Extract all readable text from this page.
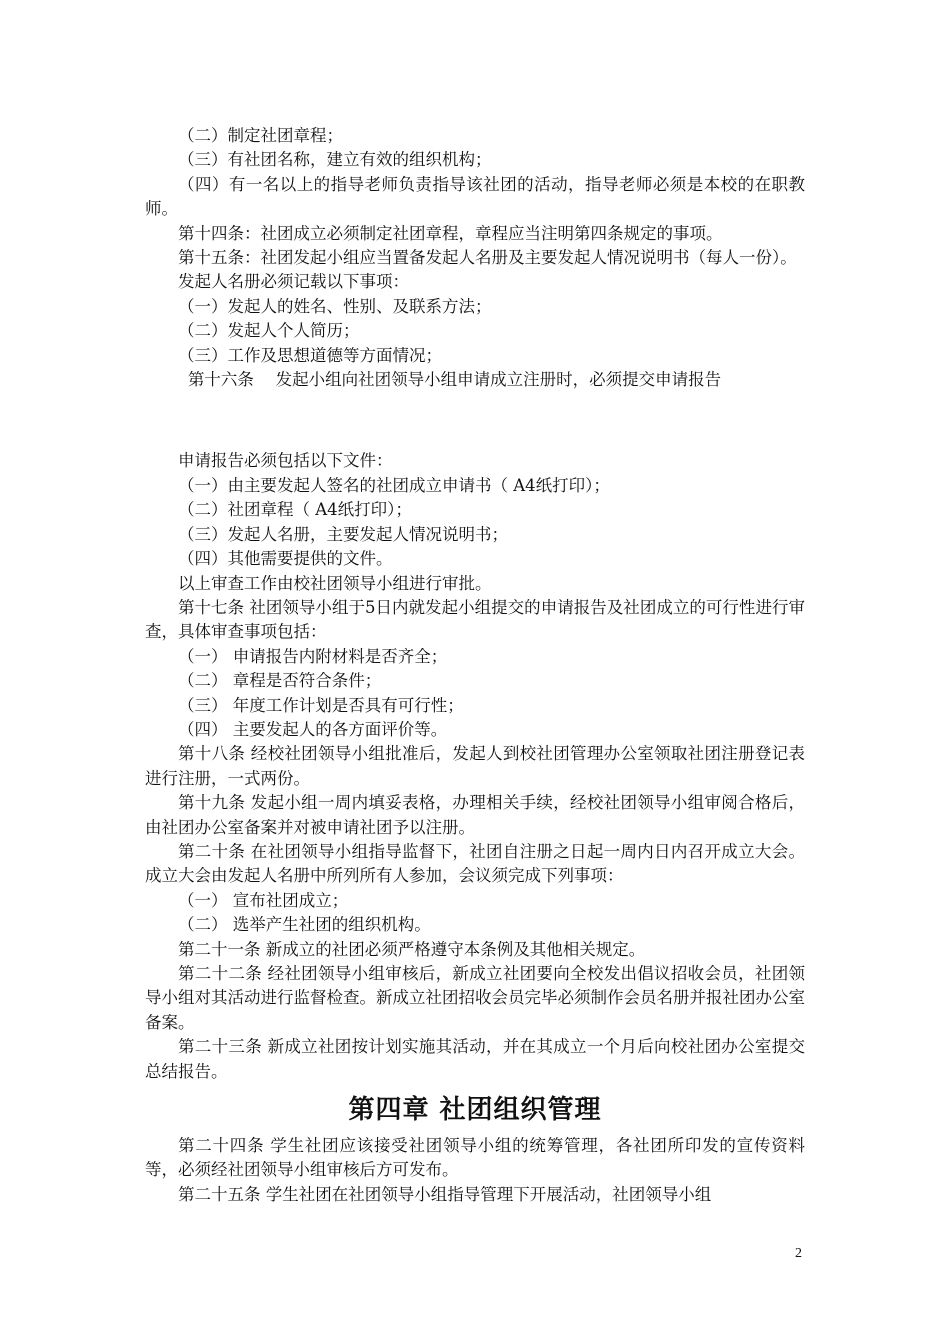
（二）制定社团章程；

（三）有社团名称，建立有效的组织机构；

（四）有一名以上的指导老师负责指导该社团的活动，指导老师必须是本校的在职教师。

第十四条：社团成立必须制定社团章程，章程应当注明第四条规定的事项。

第十五条：社团发起小组应当置备发起人名册及主要发起人情况说明书（每人一份）。

发起人名册必须记载以下事项：

（一）发起人的姓名、性别、及联系方法；

（二）发起人个人简历；

（三）工作及思想道德等方面情况；

第十六条　 发起小组向社团领导小组申请成立注册时，必须提交申请报告

申请报告必须包括以下文件：

（一）由主要发起人签名的社团成立申请书（ A4纸打印）；

（二）社团章程（ A4纸打印）；

（三）发起人名册，主要发起人情况说明书；

（四）其他需要提供的文件。

以上审查工作由校社团领导小组进行审批。

第十七条 社团领导小组于5日内就发起小组提交的申请报告及社团成立的可行性进行审查，具体审查事项包括：

（一） 申请报告内附材料是否齐全；

（二） 章程是否符合条件；

（三） 年度工作计划是否具有可行性；

（四） 主要发起人的各方面评价等。

第十八条 经校社团领导小组批准后，发起人到校社团管理办公室领取社团注册登记表进行注册，一式两份。

第十九条 发起小组一周内填妥表格，办理相关手续，经校社团领导小组审阅合格后，由社团办公室备案并对被申请社团予以注册。

第二十条 在社团领导小组指导监督下，社团自注册之日起一周内日内召开成立大会。成立大会由发起人名册中所列所有人参加，会议须完成下列事项：

（一） 宣布社团成立；

（二） 选举产生社团的组织机构。

第二十一条 新成立的社团必须严格遵守本条例及其他相关规定。

第二十二条 经社团领导小组审核后，新成立社团要向全校发出倡议招收会员，社团领导小组对其活动进行监督检查。新成立社团招收会员完毕必须制作会员名册并报社团办公室备案。

第二十三条 新成立社团按计划实施其活动，并在其成立一个月后向校社团办公室提交总结报告。

第四章 社团组织管理

第二十四条 学生社团应该接受社团领导小组的统筹管理，各社团所印发的宣传资料等，必须经社团领导小组审核后方可发布。

第二十五条 学生社团在社团领导小组指导管理下开展活动，社团领导小组

2
